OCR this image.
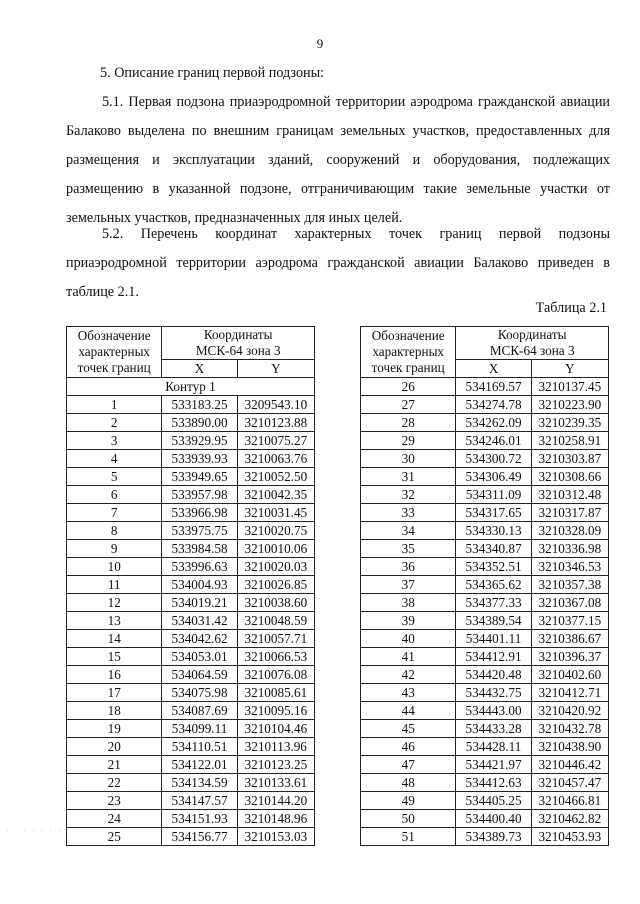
9
5. Описание границ первой подзоны:
5.1. Первая подзона приаэродромной территории аэродрома гражданской авиации Балаково выделена по внешним границам земельных участков, предоставленных для размещения и эксплуатации зданий, сооружений и оборудования, подлежащих размещению в указанной подзоне, отграничивающим такие земельные участки от земельных участков, предназначенных для иных целей.
5.2. Перечень координат характерных точек границ первой подзоны приаэродромной территории аэродрома гражданской авиации Балаково приведен в таблице 2.1.
Таблица 2.1
Обозначение
характерных
точек границ	Координаты
МСК-64 зона 3	

	X	Y
Контур 1		
1	533183.25	3209543.10
2	533890.00	3210123.88
3	533929.95	3210075.27
4	533939.93	3210063.76
5	533949.65	3210052.50
6	533957.98	3210042.35
7	533966.98	3210031.45
8	533975.75	3210020.75
9	533984.58	3210010.06
10	533996.63	3210020.03
11	534004.93	3210026.85
12	534019.21	3210038.60
13	534031.42	3210048.59
14	534042.62	3210057.71
15	534053.01	3210066.53
16	534064.59	3210076.08
17	534075.98	3210085.61
18	534087.69	3210095.16
19	534099.11	3210104.46
20	534110.51	3210113.96
21	534122.01	3210123.25
22	534134.59	3210133.61
23	534147.57	3210144.20
24	534151.93	3210148.96
25	534156.77	3210153.03
Обозначение
характерных
точек границ	Координаты
МСК-64 зона 3	

	X	Y
26	534169.57	3210137.45
27	534274.78	3210223.90
28	534262.09	3210239.35
29	534246.01	3210258.91
30	534300.72	3210303.87
31	534306.49	3210308.66
32	534311.09	3210312.48
33	534317.65	3210317.87
34	534330.13	3210328.09
35	534340.87	3210336.98
36	534352.51	3210346.53
37	534365.62	3210357.38
38	534377.33	3210367.08
39	534389.54	3210377.15
40	534401.11	3210386.67
41	534412.91	3210396.37
42	534420.48	3210402.60
43	534432.75	3210412.71
44	534443.00	3210420.92
45	534433.28	3210432.78
46	534428.11	3210438.90
47	534421.97	3210446.42
48	534412.63	3210457.47
49	534405.25	3210466.81
50	534400.40	3210462.82
51	534389.73	3210453.93
· · · · · · ·
